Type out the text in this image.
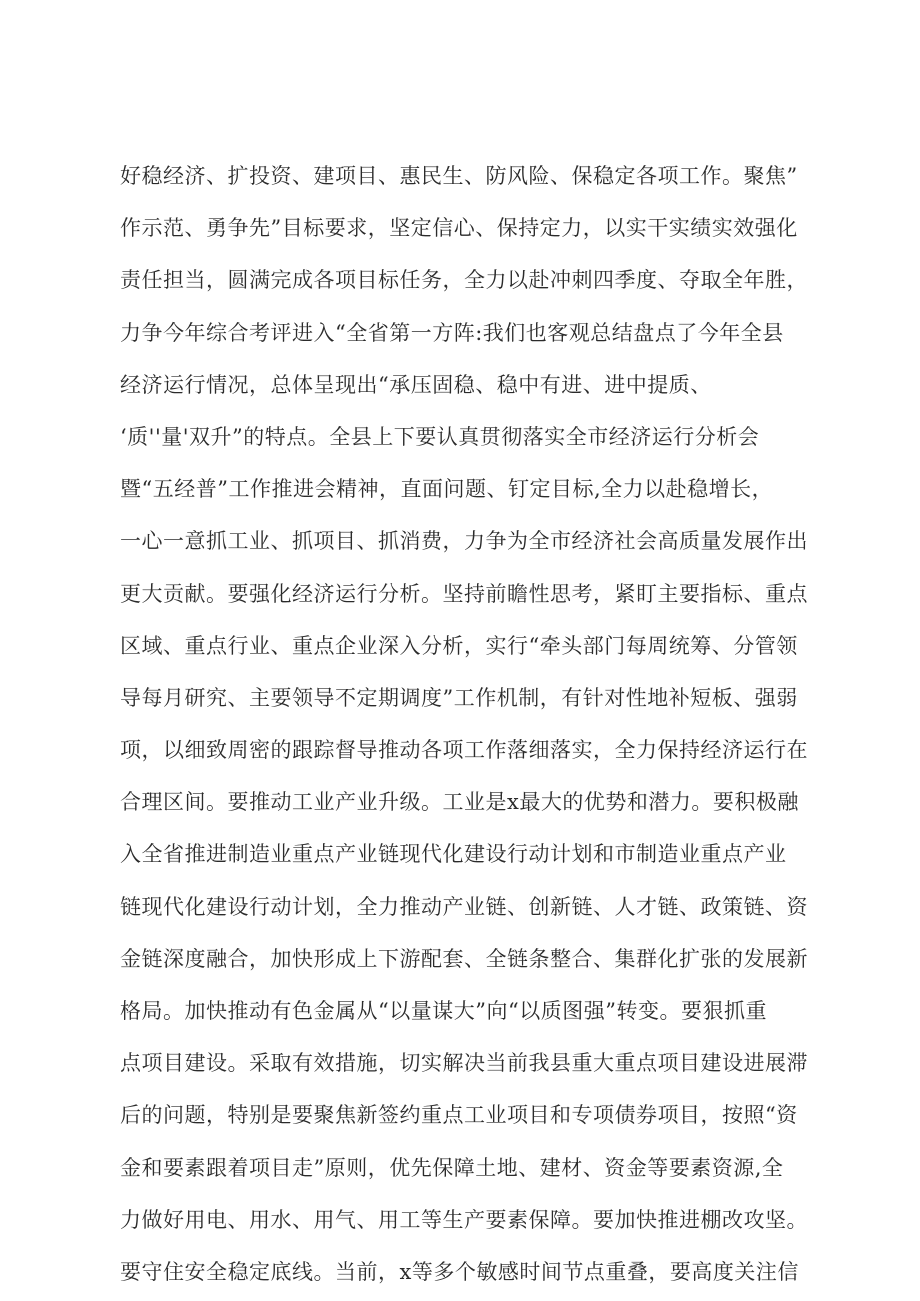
好稳经济、扩投资、建项目、惠民生、防风险、保稳定各项工作。聚焦”
作示范、勇争先”目标要求，坚定信心、保持定力，以实干实绩实效强化
责任担当，圆满完成各项目标任务，全力以赴冲刺四季度、夺取全年胜，
力争今年综合考评进入“全省第一方阵:我们也客观总结盘点了今年全县
经济运行情况，总体呈现出“承压固稳、稳中有进、进中提质、
‘质''量'双升”的特点。全县上下要认真贯彻落实全市经济运行分析会
暨“五经普”工作推进会精神，直面问题、钉定目标,全力以赴稳增长，
一心一意抓工业、抓项目、抓消费，力争为全市经济社会高质量发展作出
更大贡献。要强化经济运行分析。坚持前瞻性思考，紧盯主要指标、重点
区域、重点行业、重点企业深入分析，实行“牵头部门每周统筹、分管领
导每月研究、主要领导不定期调度”工作机制，有针对性地补短板、强弱
项，以细致周密的跟踪督导推动各项工作落细落实，全力保持经济运行在
合理区间。要推动工业产业升级。工业是x最大的优势和潜力。要积极融
入全省推进制造业重点产业链现代化建设行动计划和市制造业重点产业
链现代化建设行动计划，全力推动产业链、创新链、人才链、政策链、资
金链深度融合，加快形成上下游配套、全链条整合、集群化扩张的发展新
格局。加快推动有色金属从“以量谋大”向“以质图强”转变。要狠抓重
点项目建设。采取有效措施，切实解决当前我县重大重点项目建设进展滞
后的问题，特别是要聚焦新签约重点工业项目和专项债券项目，按照“资
金和要素跟着项目走”原则，优先保障土地、建材、资金等要素资源,全
力做好用电、用水、用气、用工等生产要素保障。要加快推进棚改攻坚。
要守住安全稳定底线。当前，x等多个敏感时间节点重叠，要高度关注信
